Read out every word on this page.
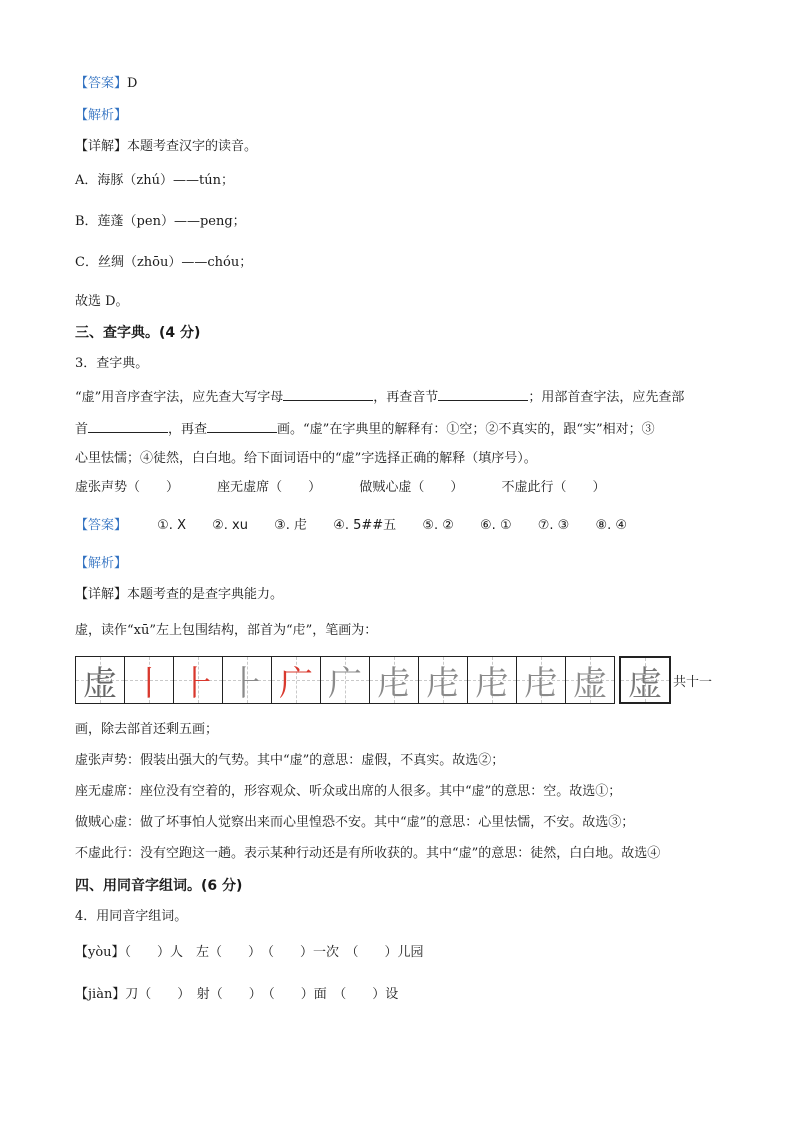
【答案】D
【解析】
【详解】本题考查汉字的读音。
A．海豚（zhú）——tún；
B．莲蓬（pen）——peng；
C．丝绸（zhōu）——chóu；
故选 D。
三、查字典。(4 分)
3．查字典。
“虚”用音序查字法，应先查大写字母	，再查音节	；用部首查字法，应先查部
首	，再查	画。“虚”在字典里的解释有：①空；②不真实的，跟“实”相对；③
心里怯懦；④徒然，白白地。给下面词语中的“虚”字选择正确的解释（填序号）。
虚张声势（　　）	座无虚席（　　）	做贼心虚（　　）	不虚此行（　　）
【答案】 ①. X ②. xu ③. 虍 ④. 5##五 ⑤. ② ⑥. ① ⑦. ③ ⑧. ④
【解析】
【详解】本题考查的是查字典能力。
虚，读作“xū”左上包围结构，部首为“虍”，笔画为：
虚 丨 ⺊ ⺊ 广 广 虍 虍 虍 虍 虚 虚 共十一
画，除去部首还剩五画；
虚张声势：假装出强大的气势。其中“虚”的意思：虚假，不真实。故选②；
座无虚席：座位没有空着的，形容观众、听众或出席的人很多。其中“虚”的意思：空。故选①；
做贼心虚：做了坏事怕人觉察出来而心里惶恐不安。其中“虚”的意思：心里怯懦，不安。故选③；
不虚此行：没有空跑这一趟。表示某种行动还是有所收获的。其中“虚”的意思：徒然，白白地。故选④
四、用同音字组词。(6 分)
4．用同音字组词。
【yòu】（　　）人　左（　　）　（　　）一次　（　　）儿园
【jiàn】刀（　　）　射（　　）　（　　）面　（　　）设
